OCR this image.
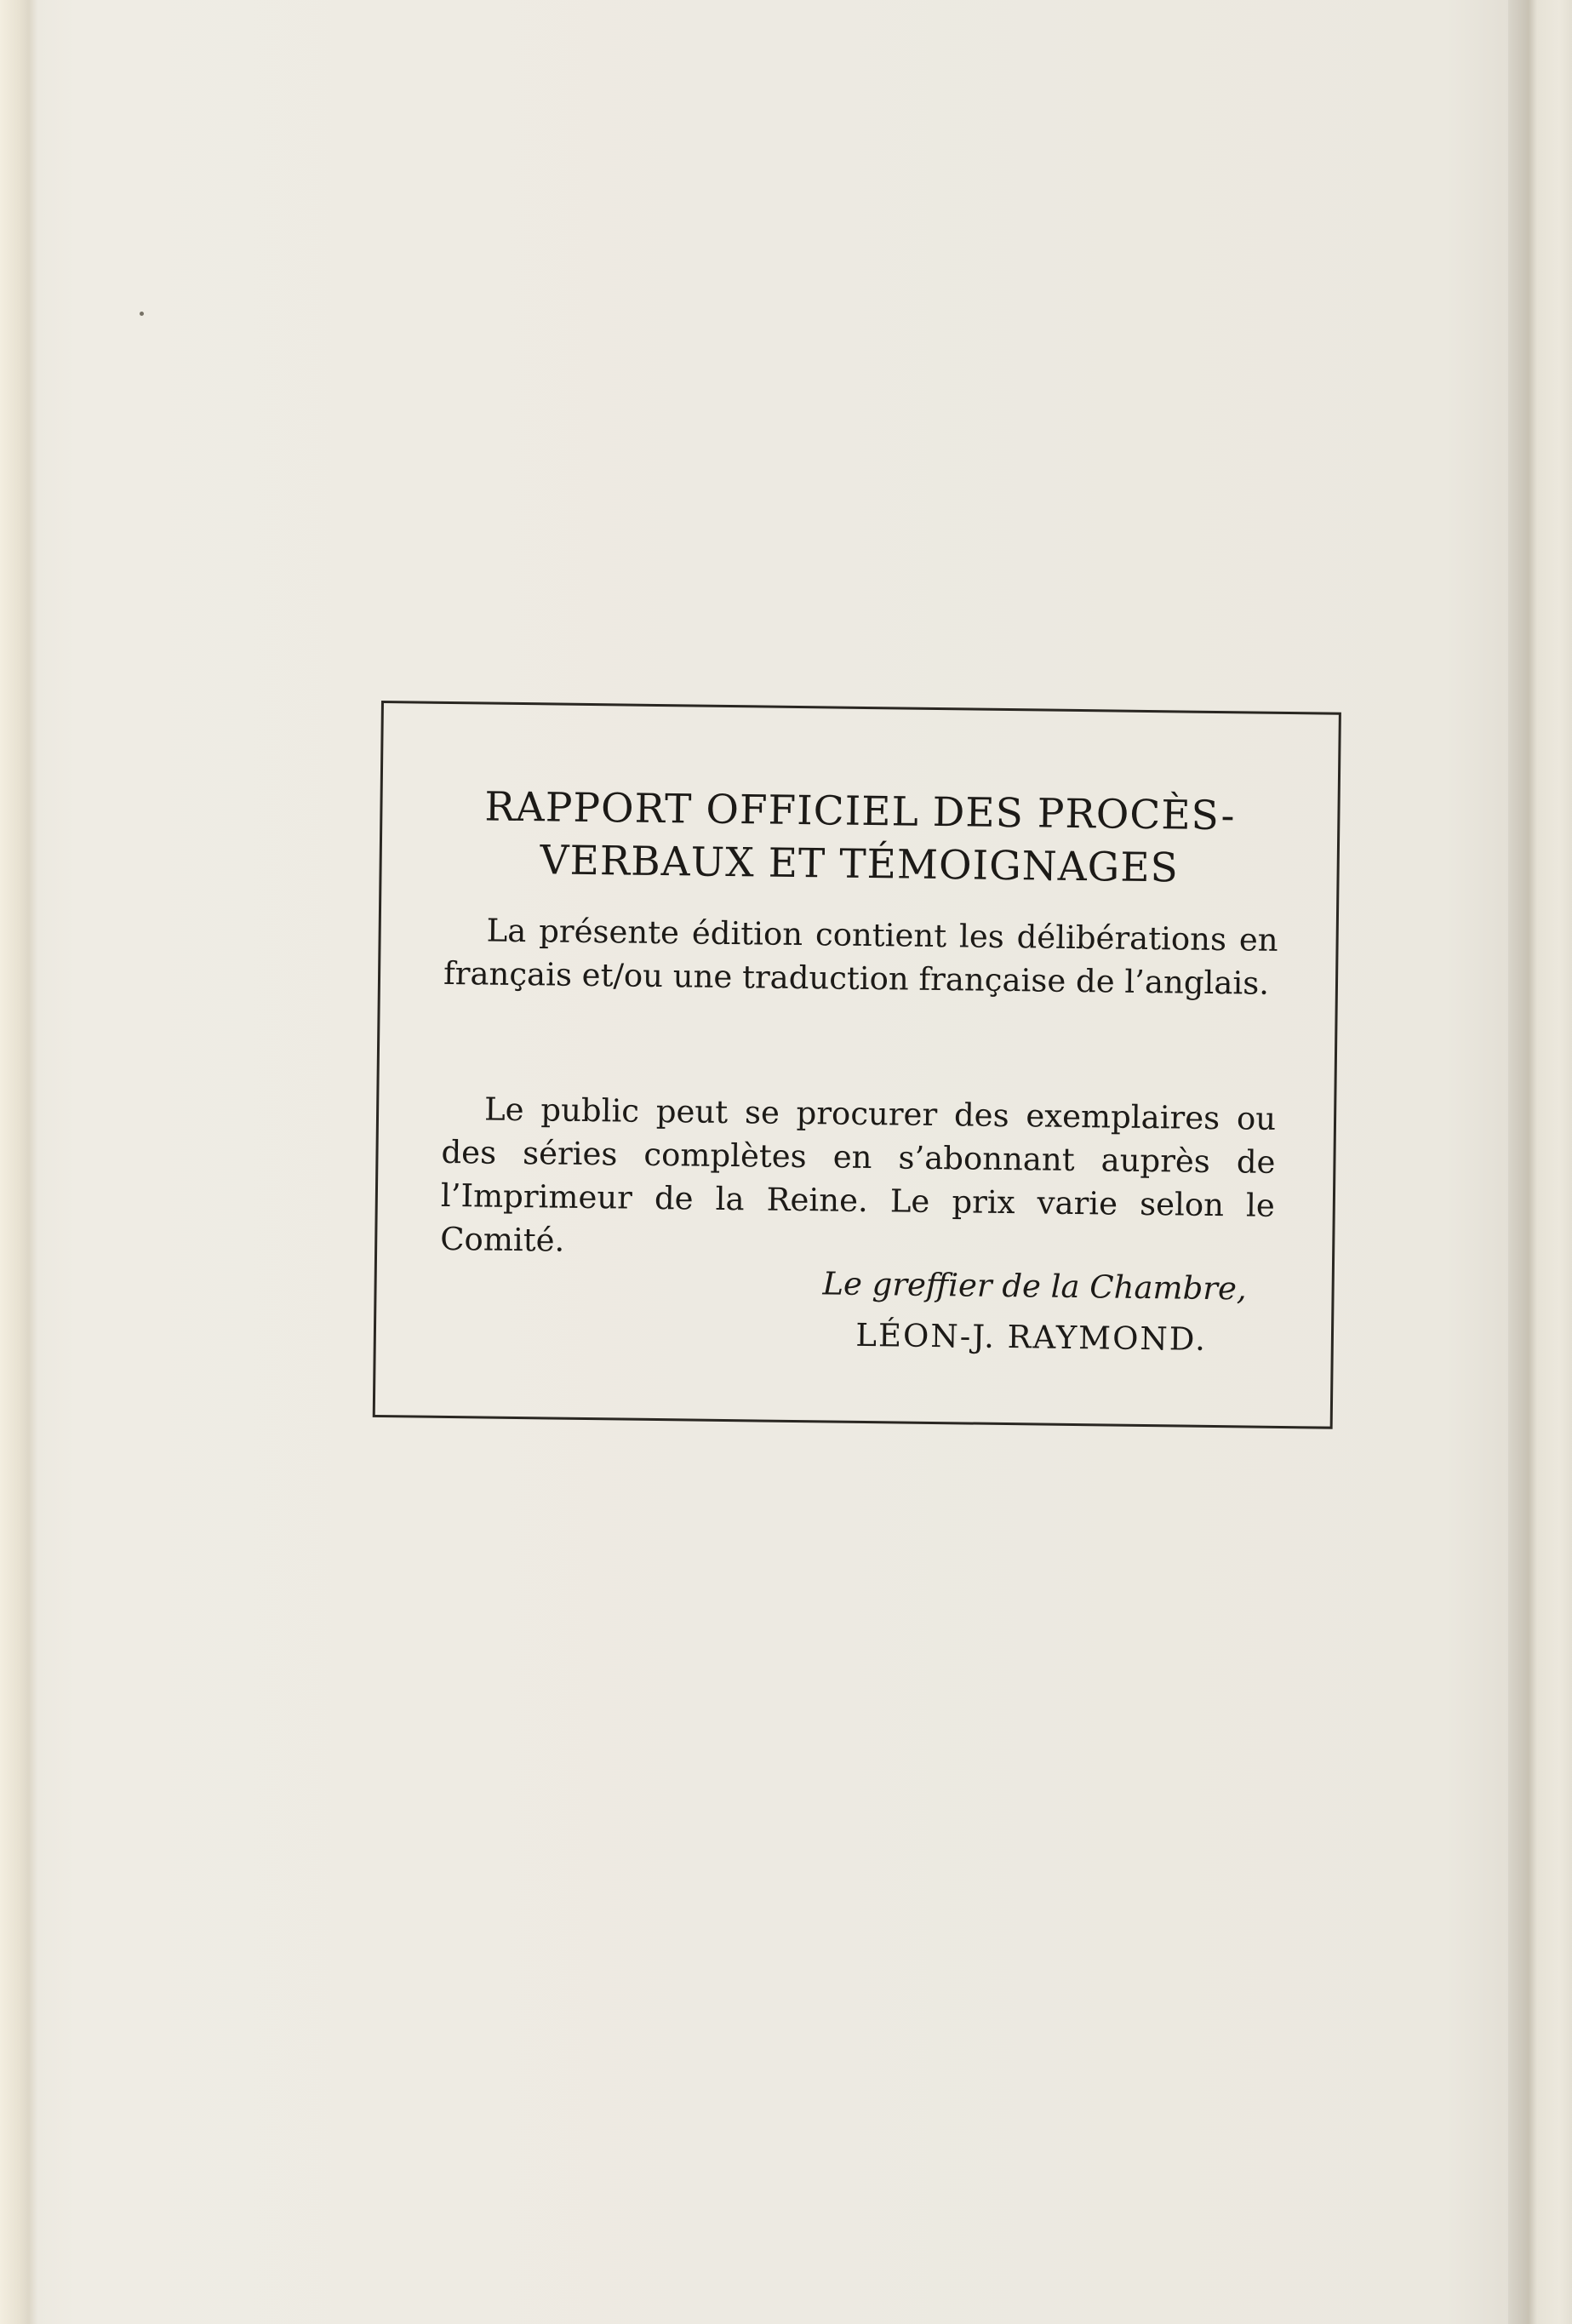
RAPPORT OFFICIEL DES PROCÈS-
VERBAUX ET TÉMOIGNAGES
La présente édition contient les délibérations en français et/ou une traduction française de l’anglais.
Le public peut se procurer des exemplaires ou des séries complètes en s’abonnant auprès de l’Imprimeur de la Reine. Le prix varie selon le Comité.
Le greffier de la Chambre,
LÉON-J. RAYMOND.
